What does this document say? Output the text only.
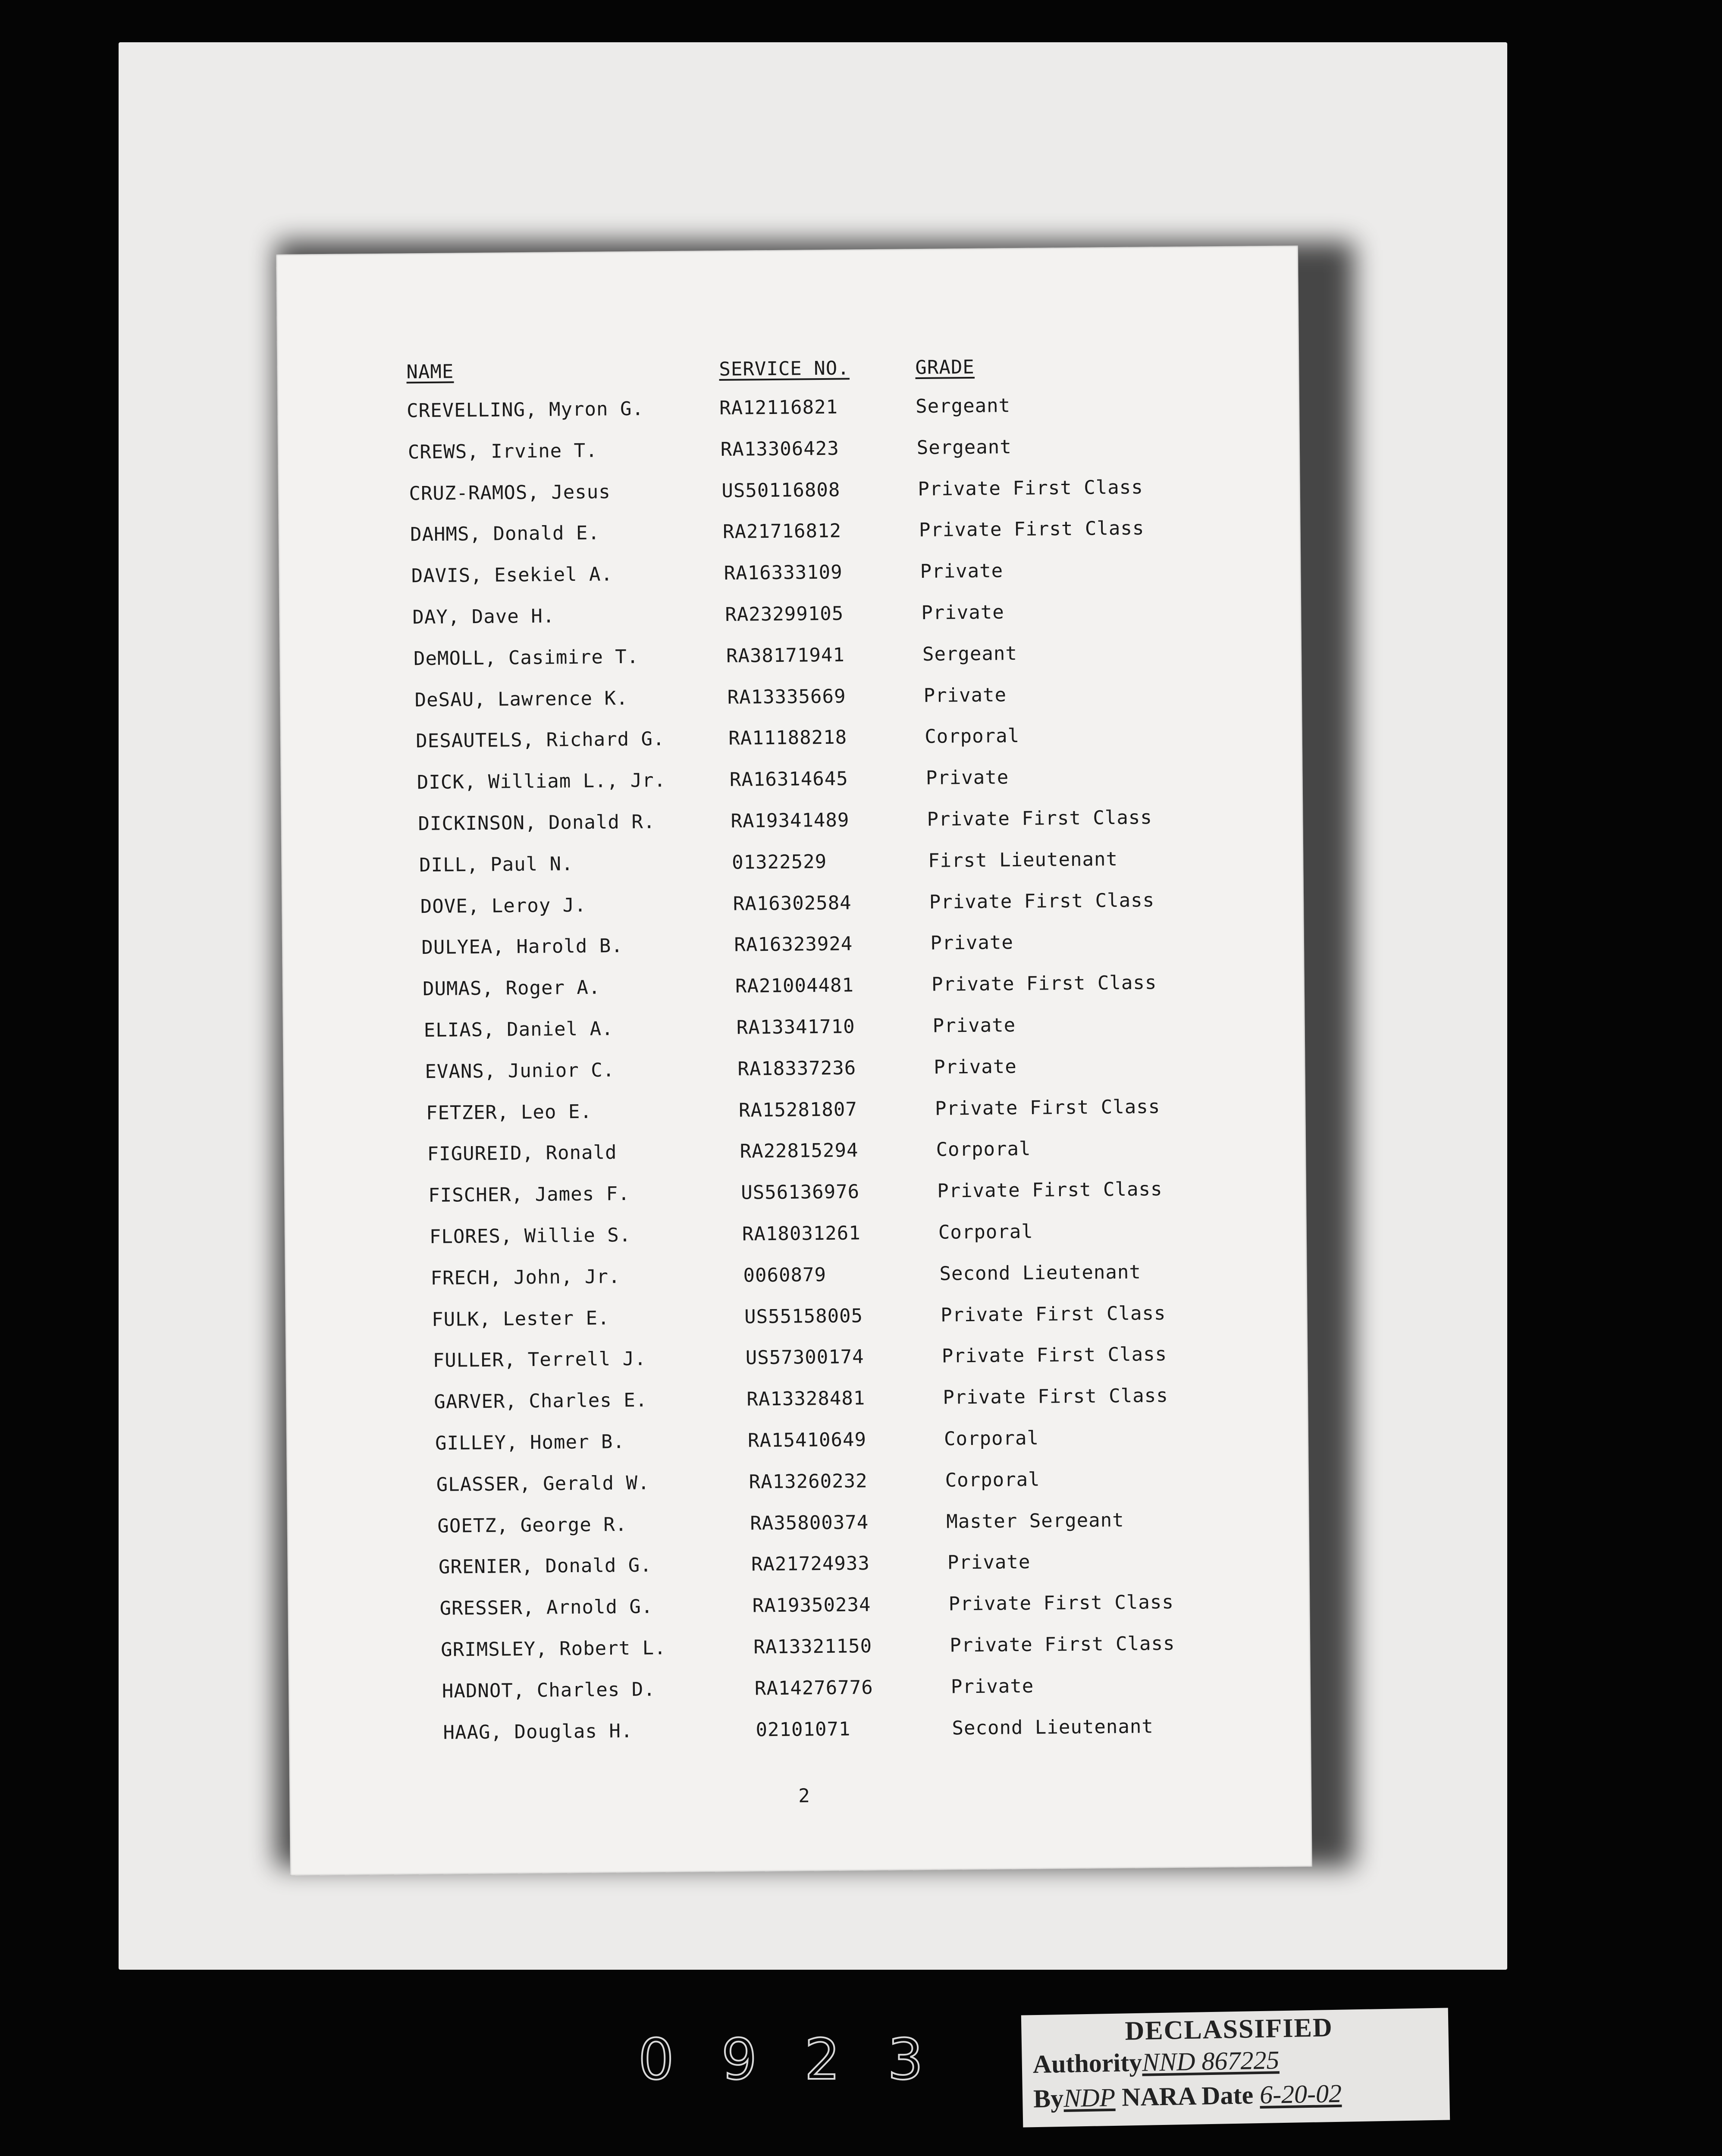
NAME	SERVICE NO.	GRADE
CREVELLING, Myron G.	RA12116821	Sergeant
CREWS, Irvine T.	RA13306423	Sergeant
CRUZ-RAMOS, Jesus	US50116808	Private First Class
DAHMS, Donald E.	RA21716812	Private First Class
DAVIS, Esekiel A.	RA16333109	Private
DAY, Dave H.	RA23299105	Private
DeMOLL, Casimire T.	RA38171941	Sergeant
DeSAU, Lawrence K.	RA13335669	Private
DESAUTELS, Richard G.	RA11188218	Corporal
DICK, William L., Jr.	RA16314645	Private
DICKINSON, Donald R.	RA19341489	Private First Class
DILL, Paul N.	01322529	First Lieutenant
DOVE, Leroy J.	RA16302584	Private First Class
DULYEA, Harold B.	RA16323924	Private
DUMAS, Roger A.	RA21004481	Private First Class
ELIAS, Daniel A.	RA13341710	Private
EVANS, Junior C.	RA18337236	Private
FETZER, Leo E.	RA15281807	Private First Class
FIGUREID, Ronald	RA22815294	Corporal
FISCHER, James F.	US56136976	Private First Class
FLORES, Willie S.	RA18031261	Corporal
FRECH, John, Jr.	0060879	Second Lieutenant
FULK, Lester E.	US55158005	Private First Class
FULLER, Terrell J.	US57300174	Private First Class
GARVER, Charles E.	RA13328481	Private First Class
GILLEY, Homer B.	RA15410649	Corporal
GLASSER, Gerald W.	RA13260232	Corporal
GOETZ, George R.	RA35800374	Master Sergeant
GRENIER, Donald G.	RA21724933	Private
GRESSER, Arnold G.	RA19350234	Private First Class
GRIMSLEY, Robert L.	RA13321150	Private First Class
HADNOT, Charles D.	RA14276776	Private
HAAG, Douglas H.	02101071	Second Lieutenant
2
DECLASSIFIED
AuthorityNND 867225
ByNDP NARA Date 6-20-02
0923
